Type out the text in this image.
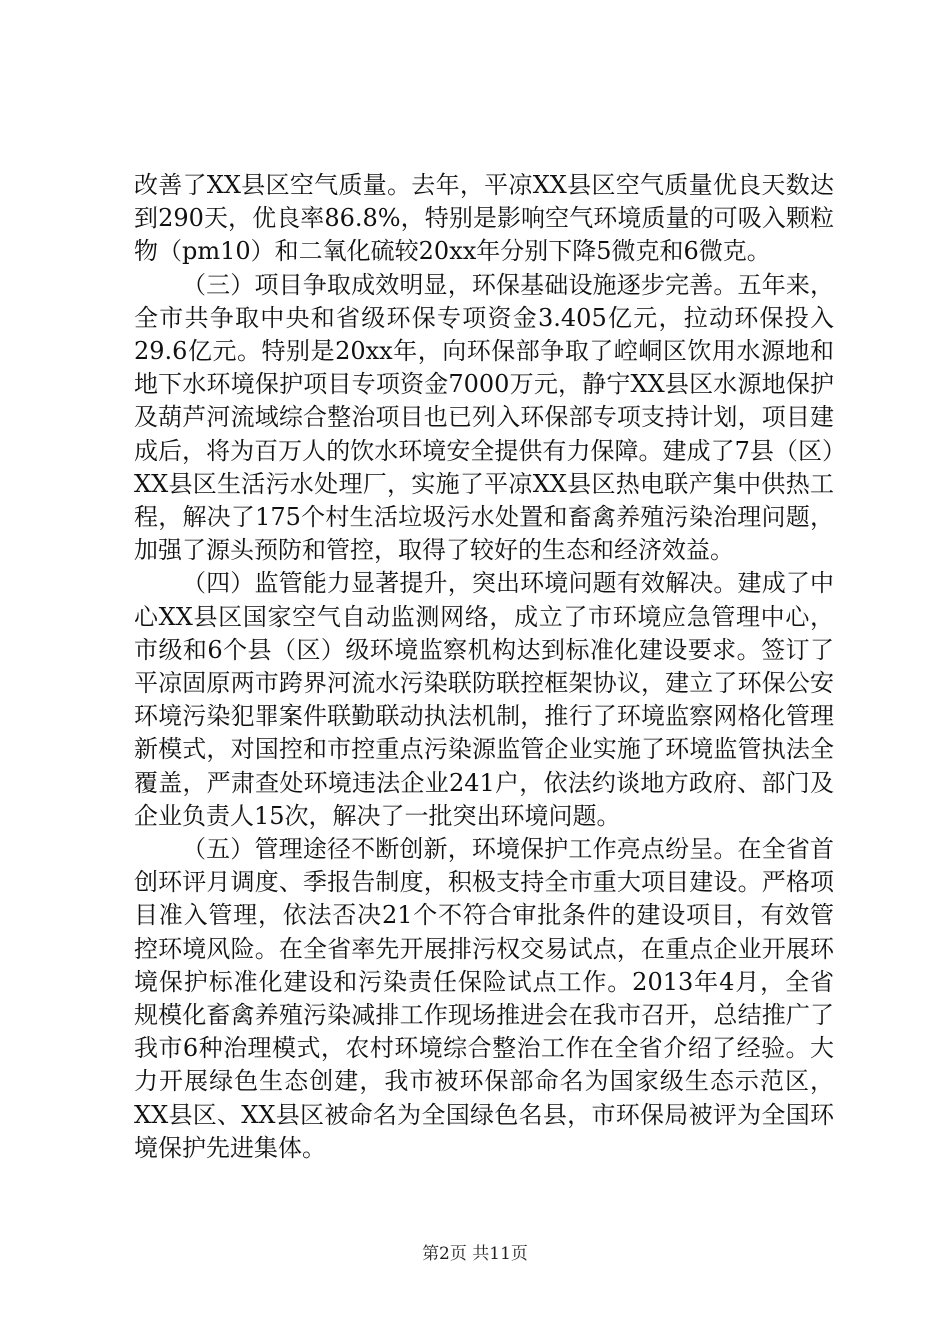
改善了XX县区空气质量。去年，平凉XX县区空气质量优良天数达到290天，优良率86.8%，特别是影响空气环境质量的可吸入颗粒物（pm10）和二氧化硫较20xx年分别下降5微克和6微克。

（三）项目争取成效明显，环保基础设施逐步完善。五年来，全市共争取中央和省级环保专项资金3.405亿元，拉动环保投入29.6亿元。特别是20xx年，向环保部争取了崆峒区饮用水源地和地下水环境保护项目专项资金7000万元，静宁XX县区水源地保护及葫芦河流域综合整治项目也已列入环保部专项支持计划，项目建成后，将为百万人的饮水环境安全提供有力保障。建成了7县（区）XX县区生活污水处理厂，实施了平凉XX县区热电联产集中供热工程，解决了175个村生活垃圾污水处置和畜禽养殖污染治理问题，加强了源头预防和管控，取得了较好的生态和经济效益。

（四）监管能力显著提升，突出环境问题有效解决。建成了中心XX县区国家空气自动监测网络，成立了市环境应急管理中心，市级和6个县（区）级环境监察机构达到标准化建设要求。签订了平凉固原两市跨界河流水污染联防联控框架协议，建立了环保公安环境污染犯罪案件联勤联动执法机制，推行了环境监察网格化管理新模式，对国控和市控重点污染源监管企业实施了环境监管执法全覆盖，严肃查处环境违法企业241户，依法约谈地方政府、部门及企业负责人15次，解决了一批突出环境问题。

（五）管理途径不断创新，环境保护工作亮点纷呈。在全省首创环评月调度、季报告制度，积极支持全市重大项目建设。严格项目准入管理，依法否决21个不符合审批条件的建设项目，有效管控环境风险。在全省率先开展排污权交易试点，在重点企业开展环境保护标准化建设和污染责任保险试点工作。2013年4月，全省规模化畜禽养殖污染减排工作现场推进会在我市召开，总结推广了我市6种治理模式，农村环境综合整治工作在全省介绍了经验。大力开展绿色生态创建，我市被环保部命名为国家级生态示范区，XX县区、XX县区被命名为全国绿色名县，市环保局被评为全国环境保护先进集体。

第2页 共11页
